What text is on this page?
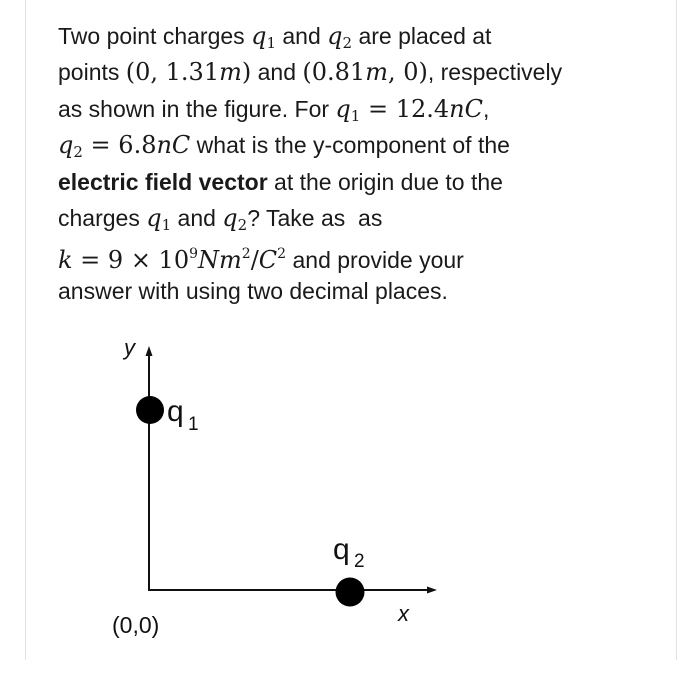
Two point charges $q_1$ and $q_2$ are placed at
points (0, 1.31m) and (0.81m, 0), respectively
as shown in the figure. For $q_1 = 12.4nC$,
$q_2 = 6.8nC$ what is the y-component of the
electric field vector at the origin due to the
charges $q_1$ and $q_2$? Take as  as
$k = 9 \times 10^9Nm^2/C^2$ and provide your
answer with using two decimal places.
y
x
(0,0)
q 1
q 2
